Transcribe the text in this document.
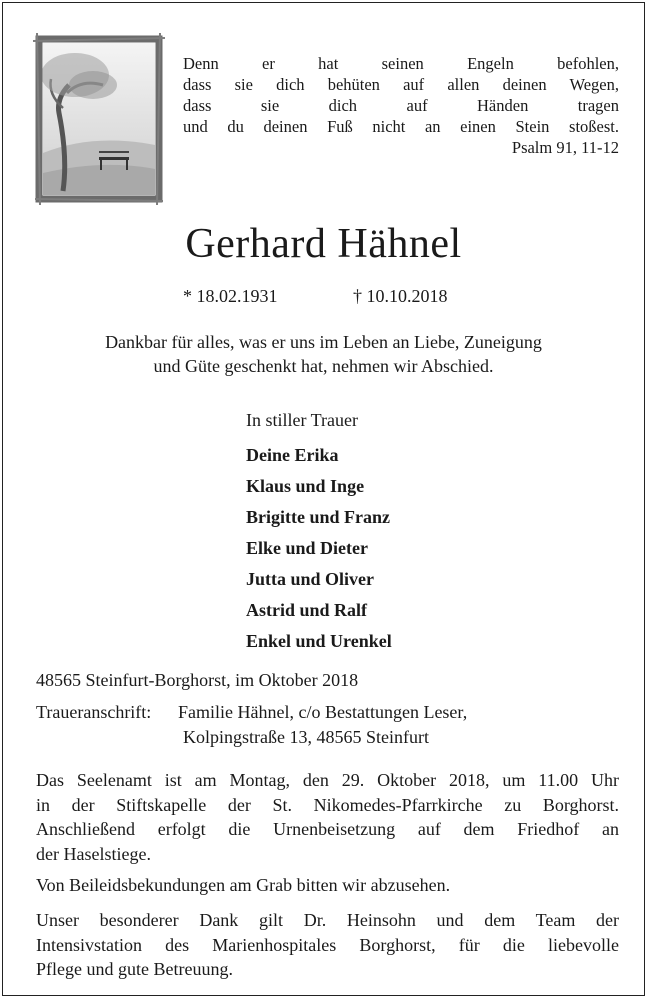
Denn er hat seinen Engeln befohlen,
dass sie dich behüten auf allen deinen Wegen,
dass sie dich auf Händen tragen
und du deinen Fuß nicht an einen Stein stoßest.
Psalm 91, 11-12
Gerhard Hähnel
* 18.02.1931	† 10.10.2018
Dankbar für alles, was er uns im Leben an Liebe, Zuneigung
und Güte geschenkt hat, nehmen wir Abschied.
In stiller Trauer
Deine Erika
Klaus und Inge
Brigitte und Franz
Elke und Dieter
Jutta und Oliver
Astrid und Ralf
Enkel und Urenkel
48565 Steinfurt-Borghorst, im Oktober 2018
Traueranschrift: Familie Hähnel, c/o Bestattungen Leser,
Kolpingstraße 13, 48565 Steinfurt
Das Seelenamt ist am Montag, den 29. Oktober 2018, um 11.00 Uhr
in der Stiftskapelle der St. Nikomedes-Pfarrkirche zu Borghorst.
Anschließend erfolgt die Urnenbeisetzung auf dem Friedhof an
der Haselstiege.
Von Beileidsbekundungen am Grab bitten wir abzusehen.
Unser besonderer Dank gilt Dr. Heinsohn und dem Team der
Intensivstation des Marienhospitales Borghorst, für die liebevolle
Pflege und gute Betreuung.
